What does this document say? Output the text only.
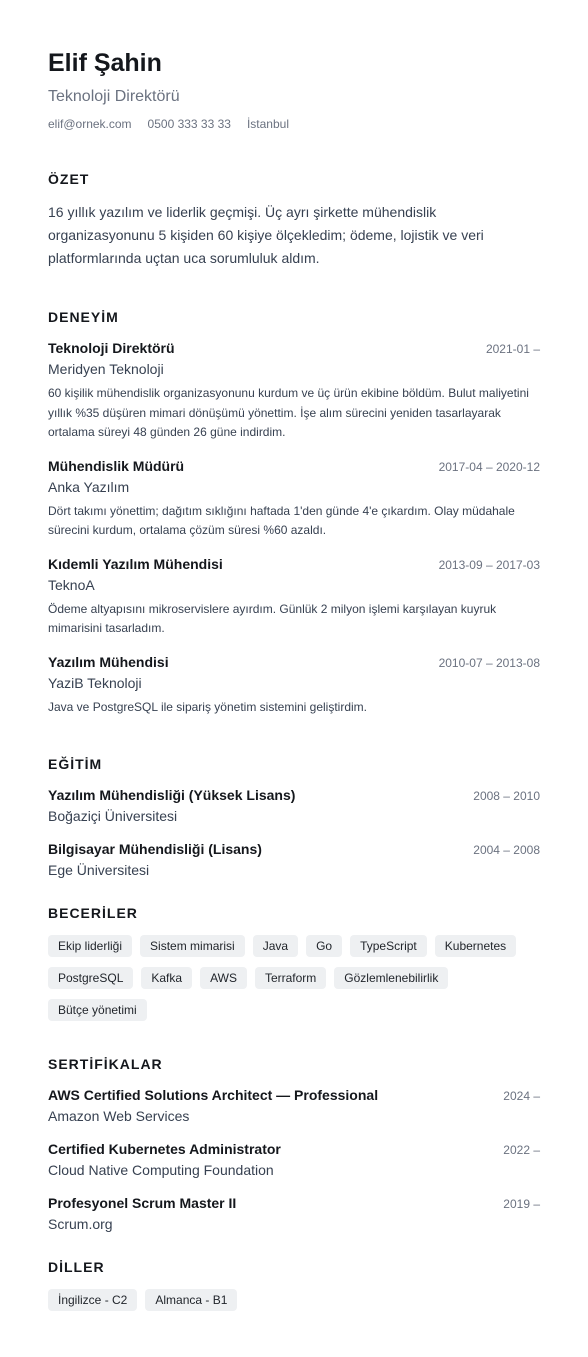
Elif Şahin
Teknoloji Direktörü
elif@ornek.com 0500 333 33 33 İstanbul
ÖZET
16 yıllık yazılım ve liderlik geçmişi. Üç ayrı şirkette mühendislik organizasyonunu 5 kişiden 60 kişiye ölçekledim; ödeme, lojistik ve veri platformlarında uçtan uca sorumluluk aldım.
DENEYİM
Teknoloji Direktörü	2021-01 –
Meridyen Teknoloji
60 kişilik mühendislik organizasyonunu kurdum ve üç ürün ekibine böldüm. Bulut maliyetini yıllık %35 düşüren mimari dönüşümü yönettim. İşe alım sürecini yeniden tasarlayarak ortalama süreyi 48 günden 26 güne indirdim.
Mühendislik Müdürü	2017-04 – 2020-12
Anka Yazılım
Dört takımı yönettim; dağıtım sıklığını haftada 1'den günde 4'e çıkardım. Olay müdahale sürecini kurdum, ortalama çözüm süresi %60 azaldı.
Kıdemli Yazılım Mühendisi	2013-09 – 2017-03
TeknoA
Ödeme altyapısını mikroservislere ayırdım. Günlük 2 milyon işlemi karşılayan kuyruk mimarisini tasarladım.
Yazılım Mühendisi	2010-07 – 2013-08
YaziB Teknoloji
Java ve PostgreSQL ile sipariş yönetim sistemini geliştirdim.
EĞİTİM
Yazılım Mühendisliği (Yüksek Lisans)	2008 – 2010
Boğaziçi Üniversitesi
Bilgisayar Mühendisliği (Lisans)	2004 – 2008
Ege Üniversitesi
BECERİLER
Ekip liderliği	Sistem mimarisi	Java	Go	TypeScript	Kubernetes
PostgreSQL	Kafka	AWS	Terraform	Gözlemlenebilirlik
Bütçe yönetimi
SERTİFİKALAR
AWS Certified Solutions Architect — Professional	2024 –
Amazon Web Services
Certified Kubernetes Administrator	2022 –
Cloud Native Computing Foundation
Profesyonel Scrum Master II	2019 –
Scrum.org
DİLLER
İngilizce - C2	Almanca - B1
